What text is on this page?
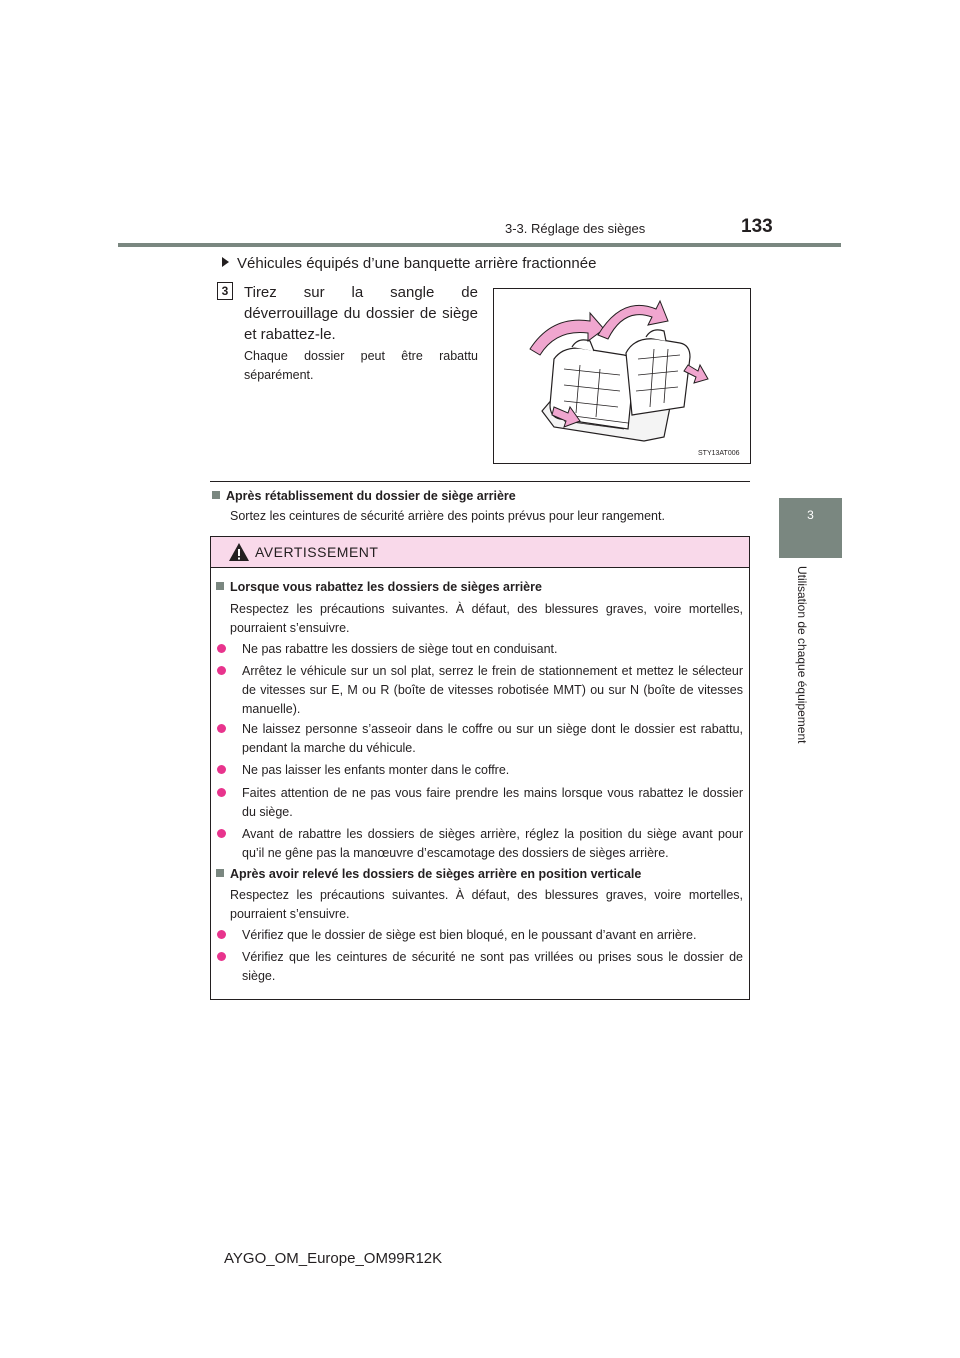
3-3. Réglage des sièges	133
3
Utilisation de chaque équipement
Véhicules équipés d’une banquette arrière fractionnée
3	Tirez sur la sangle de déverrouillage du dossier de siège et rabattez-le.
Chaque dossier peut être rabattu séparément.
STY13AT006
Après rétablissement du dossier de siège arrière
Sortez les ceintures de sécurité arrière des points prévus pour leur rangement.
AVERTISSEMENT
Lorsque vous rabattez les dossiers de sièges arrière
Respectez les précautions suivantes. À défaut, des blessures graves, voire mortelles, pourraient s’ensuivre.
Ne pas rabattre les dossiers de siège tout en conduisant.
Arrêtez le véhicule sur un sol plat, serrez le frein de stationnement et mettez le sélecteur de vitesses sur E, M ou R (boîte de vitesses robotisée MMT) ou sur N (boîte de vitesses manuelle).
Ne laissez personne s’asseoir dans le coffre ou sur un siège dont le dossier est rabattu, pendant la marche du véhicule.
Ne pas laisser les enfants monter dans le coffre.
Faites attention de ne pas vous faire prendre les mains lorsque vous rabattez le dossier du siège.
Avant de rabattre les dossiers de sièges arrière, réglez la position du siège avant pour qu’il ne gêne pas la manœuvre d’escamotage des dossiers de sièges arrière.
Après avoir relevé les dossiers de sièges arrière en position verticale
Respectez les précautions suivantes. À défaut, des blessures graves, voire mortelles, pourraient s’ensuivre.
Vérifiez que le dossier de siège est bien bloqué, en le poussant d’avant en arrière.
Vérifiez que les ceintures de sécurité ne sont pas vrillées ou prises sous le dossier de siège.
AYGO_OM_Europe_OM99R12K
